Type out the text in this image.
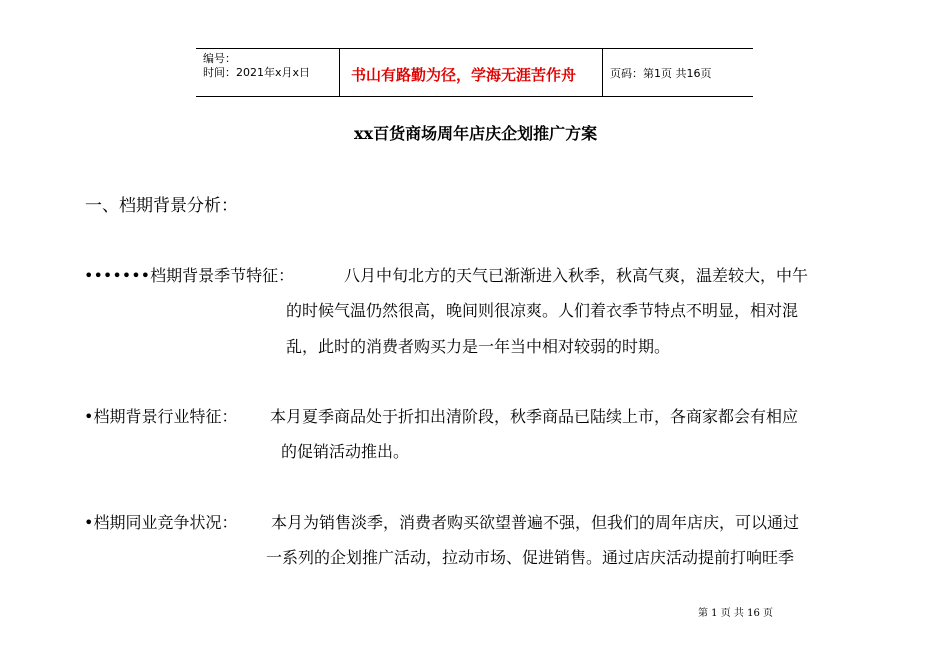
编号：
时间：2021年x月x日	书山有路勤为径，学海无涯苦作舟	页码：第1页 共16页
xx百货商场周年店庆企划推广方案
一、档期背景分析：
•••••••档期背景季节特征：	八月中旬北方的天气已渐渐进入秋季，秋高气爽，温差较大，中午
的时候气温仍然很高，晚间则很凉爽。人们着衣季节特点不明显，相对混
乱，此时的消费者购买力是一年当中相对较弱的时期。
•档期背景行业特征： 本月夏季商品处于折扣出清阶段，秋季商品已陆续上市，各商家都会有相应
的促销活动推出。
•档期同业竞争状况： 本月为销售淡季，消费者购买欲望普遍不强，但我们的周年店庆，可以通过
一系列的企划推广活动，拉动市场、促进销售。通过店庆活动提前打响旺季
第 1 页 共 16 页
